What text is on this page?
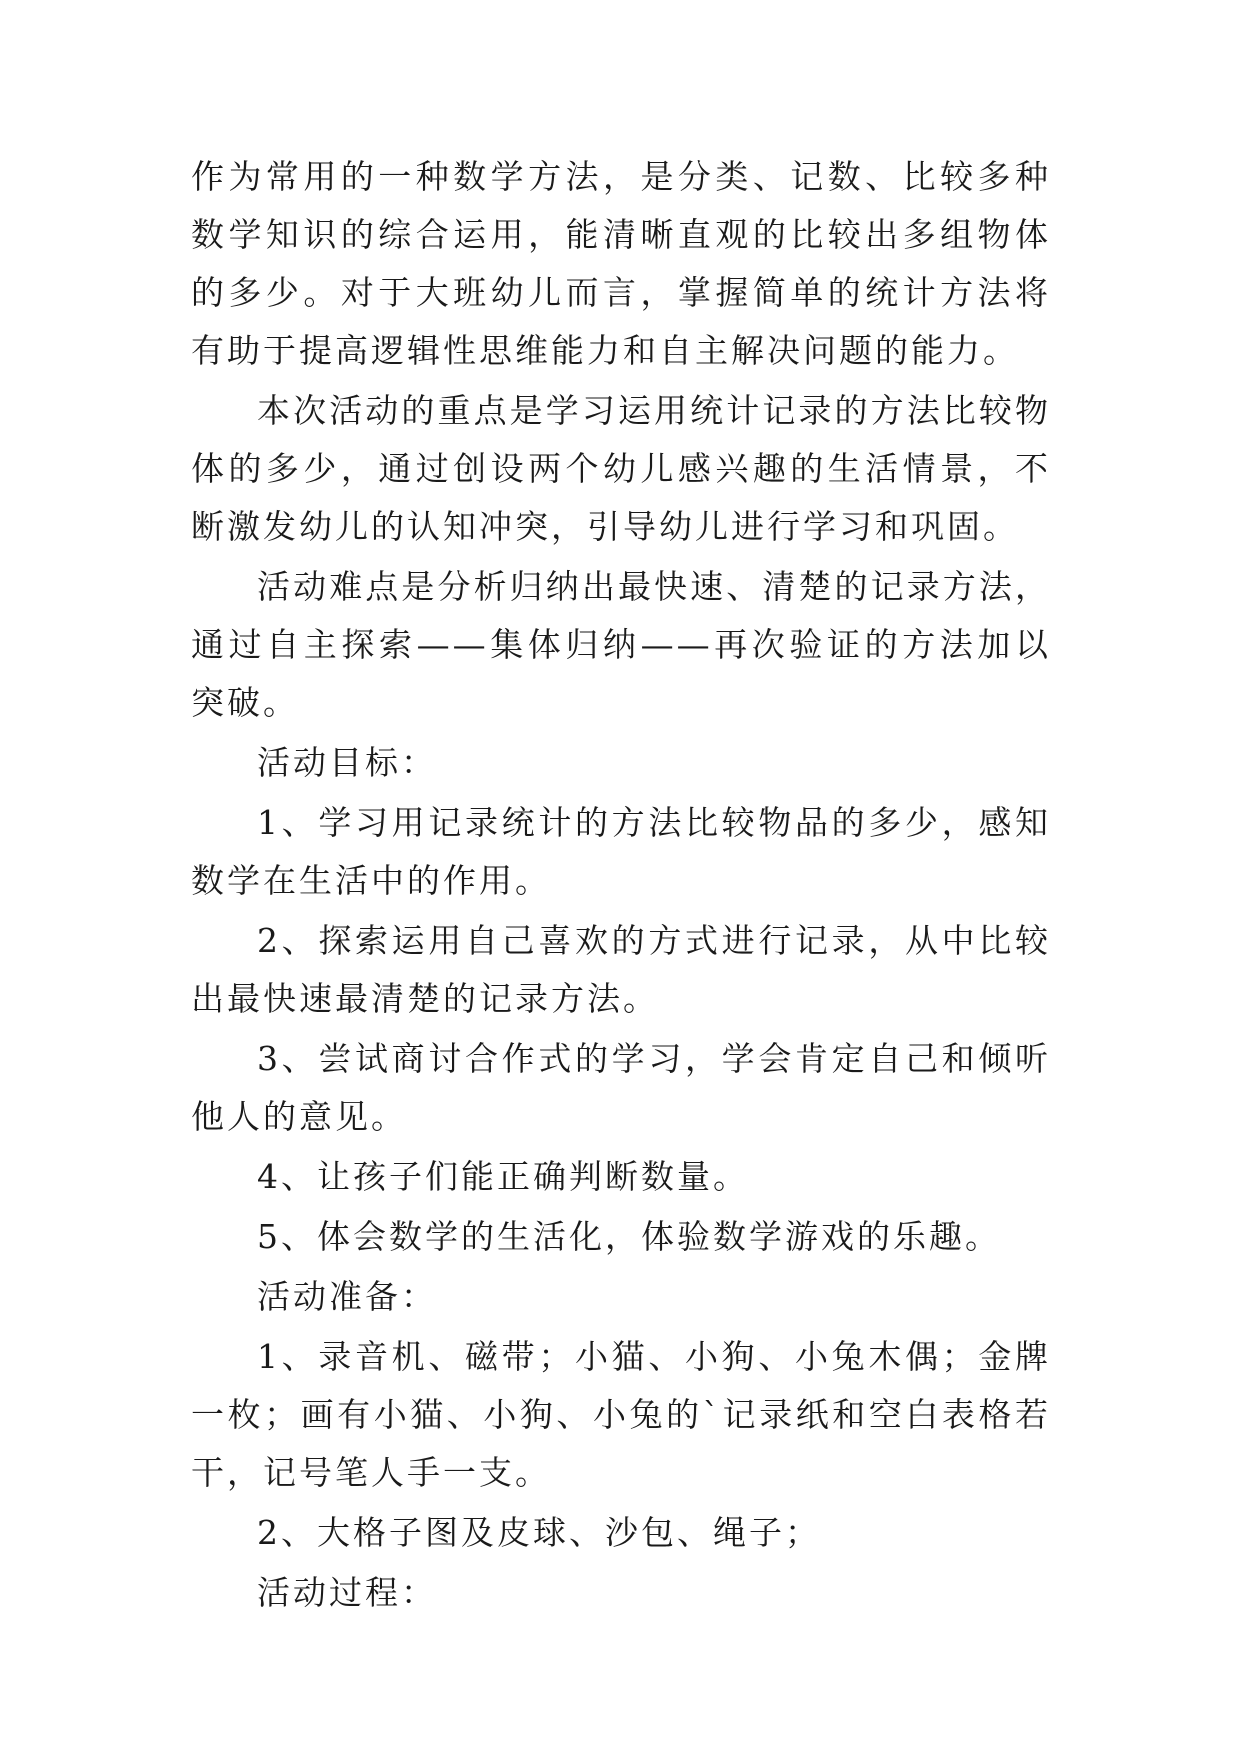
作为常用的一种数学方法，是分类、记数、比较多种数学知识的综合运用，能清晰直观的比较出多组物体的多少。对于大班幼儿而言，掌握简单的统计方法将有助于提高逻辑性思维能力和自主解决问题的能力。

本次活动的重点是学习运用统计记录的方法比较物体的多少，通过创设两个幼儿感兴趣的生活情景，不断激发幼儿的认知冲突，引导幼儿进行学习和巩固。

活动难点是分析归纳出最快速、清楚的记录方法，通过自主探索——集体归纳——再次验证的方法加以突破。

活动目标：

1、学习用记录统计的方法比较物品的多少，感知数学在生活中的作用。

2、探索运用自己喜欢的方式进行记录，从中比较出最快速最清楚的记录方法。

3、尝试商讨合作式的学习，学会肯定自己和倾听他人的意见。

4、让孩子们能正确判断数量。

5、体会数学的生活化，体验数学游戏的乐趣。

活动准备：

1、录音机、磁带；小猫、小狗、小兔木偶；金牌一枚；画有小猫、小狗、小兔的`记录纸和空白表格若干，记号笔人手一支。

2、大格子图及皮球、沙包、绳子；

活动过程：
